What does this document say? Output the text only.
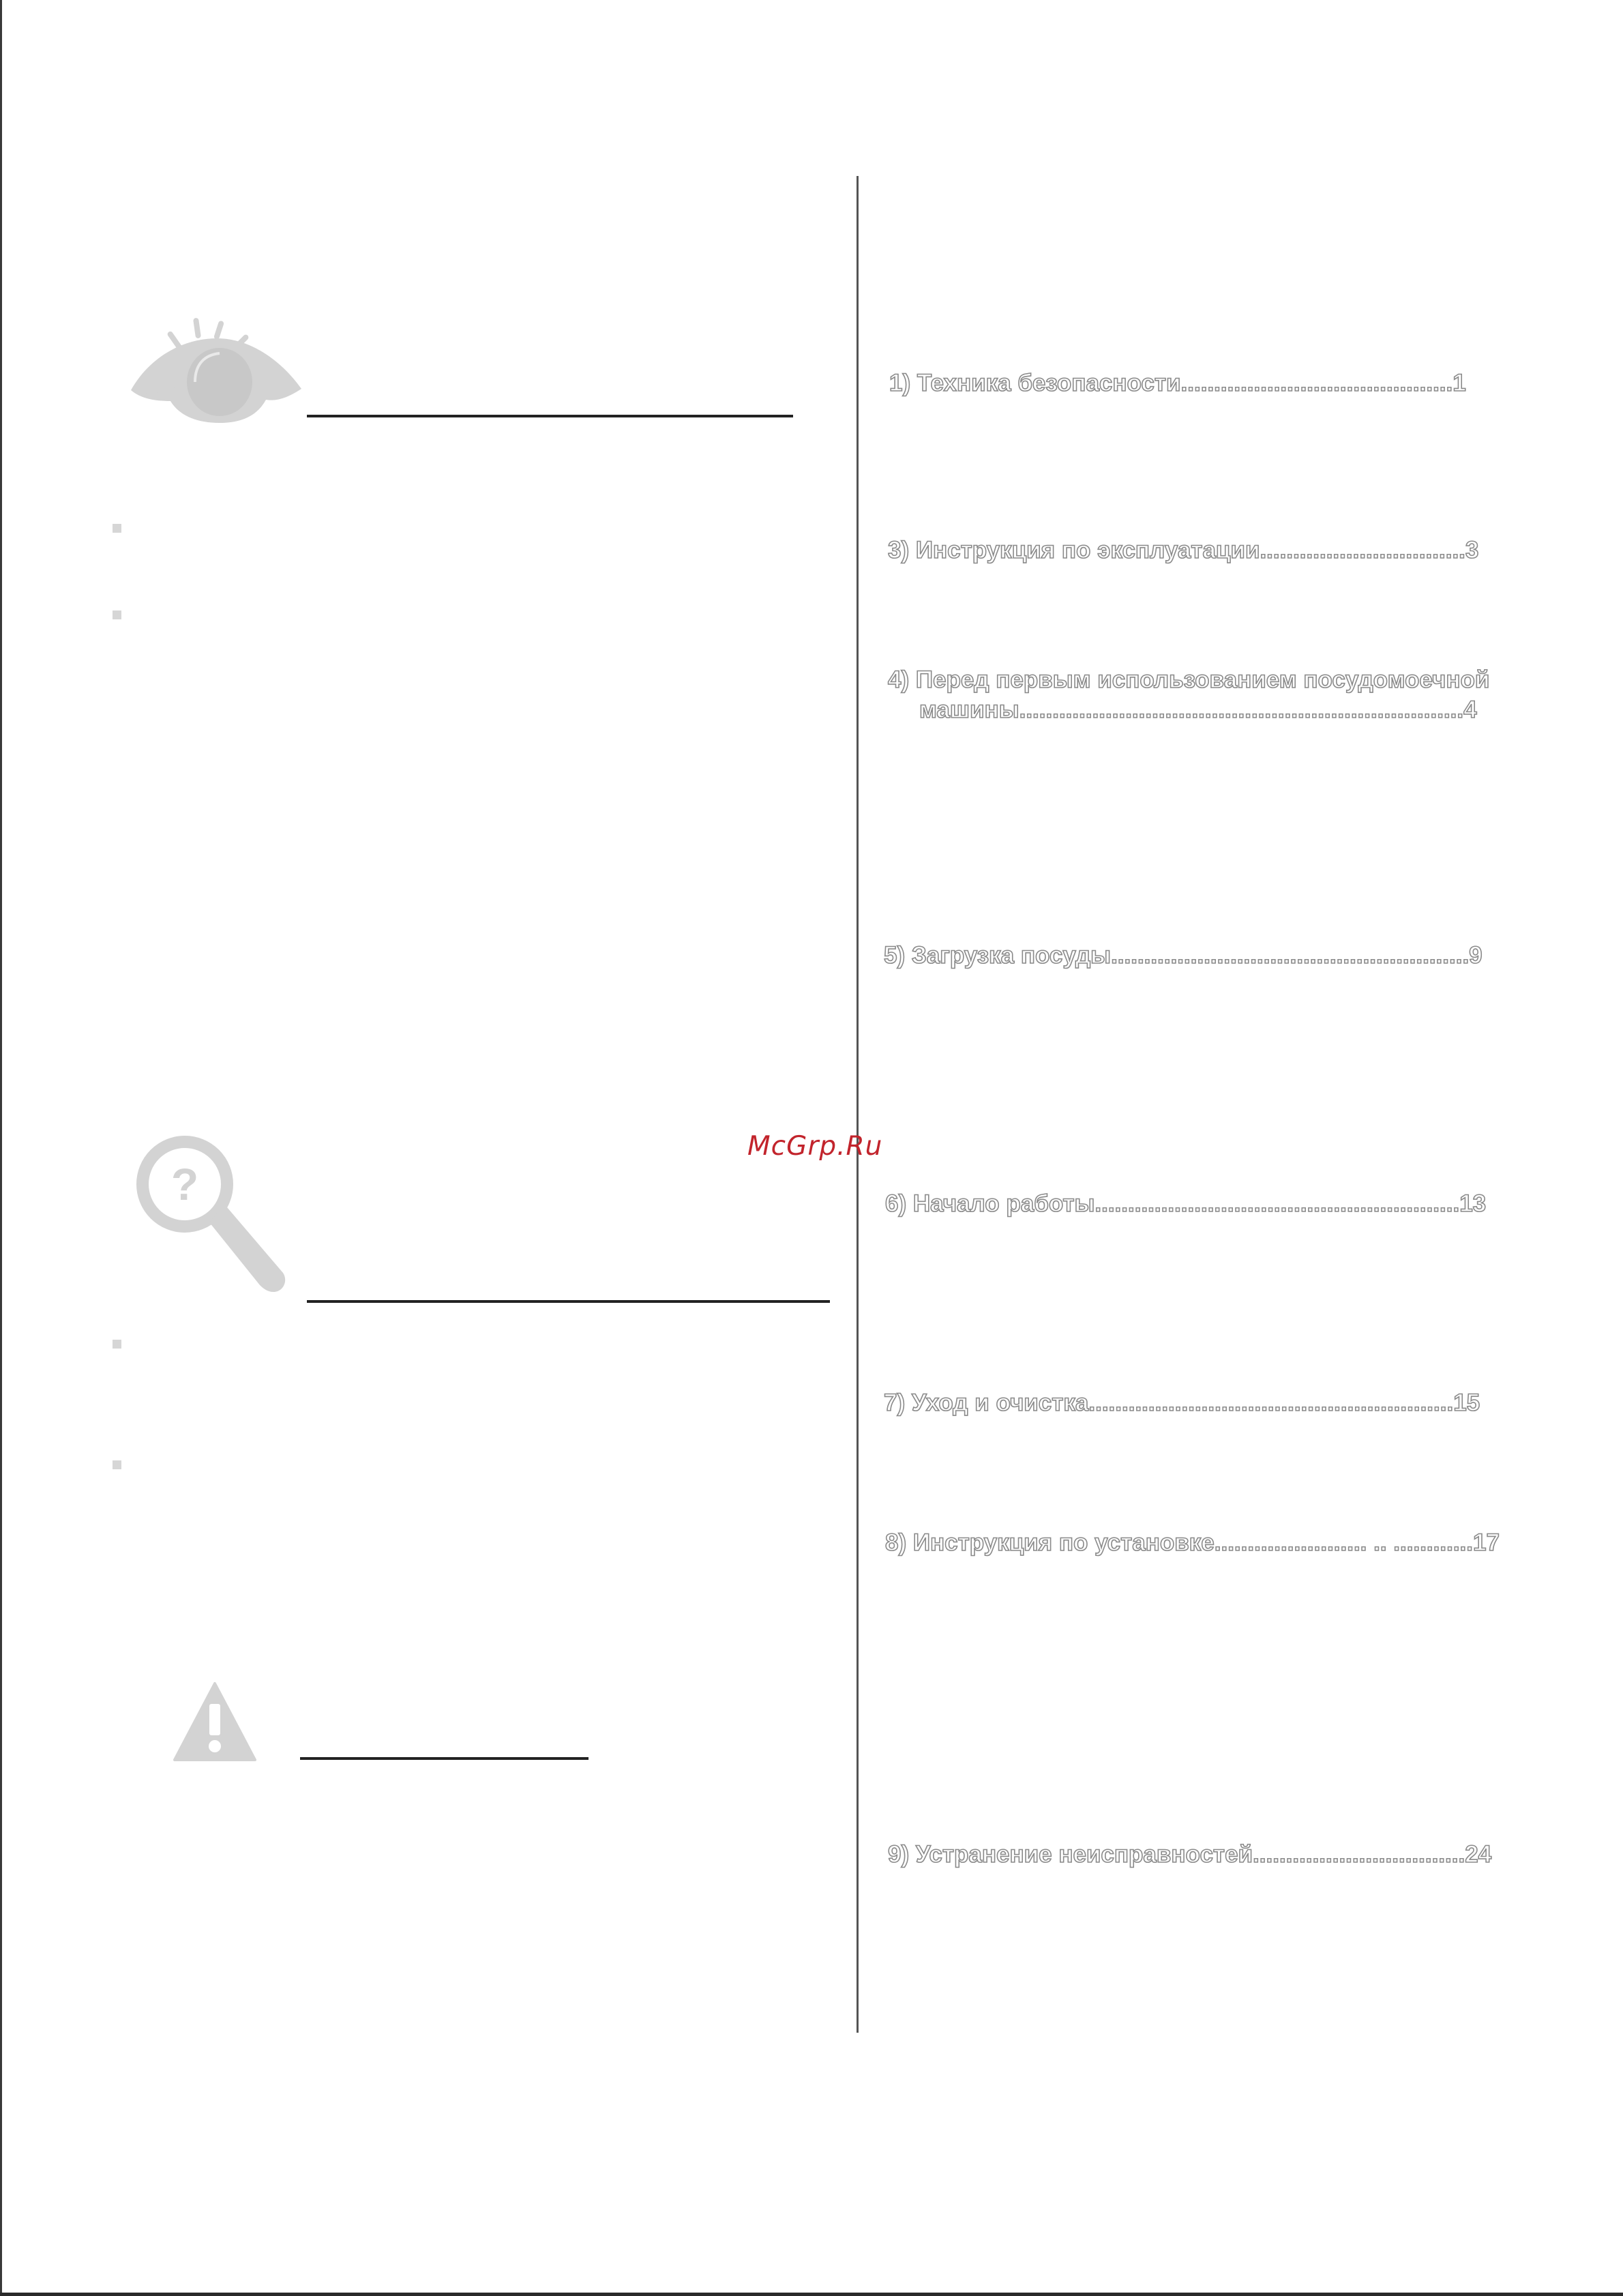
?
1) Техника безопасности.........................................1
3) Инструкция по эксплуатации...............................3
4) Перед первым использованием посудомоечной
машины...................................................................4
5) Загрузка посуды......................................................9
6) Начало работы.......................................................13
7) Уход и очистка.......................................................15
8) Инструкция по установке....................... .. ............17
9) Устранение неисправностей................................24
McGrp.Ru
